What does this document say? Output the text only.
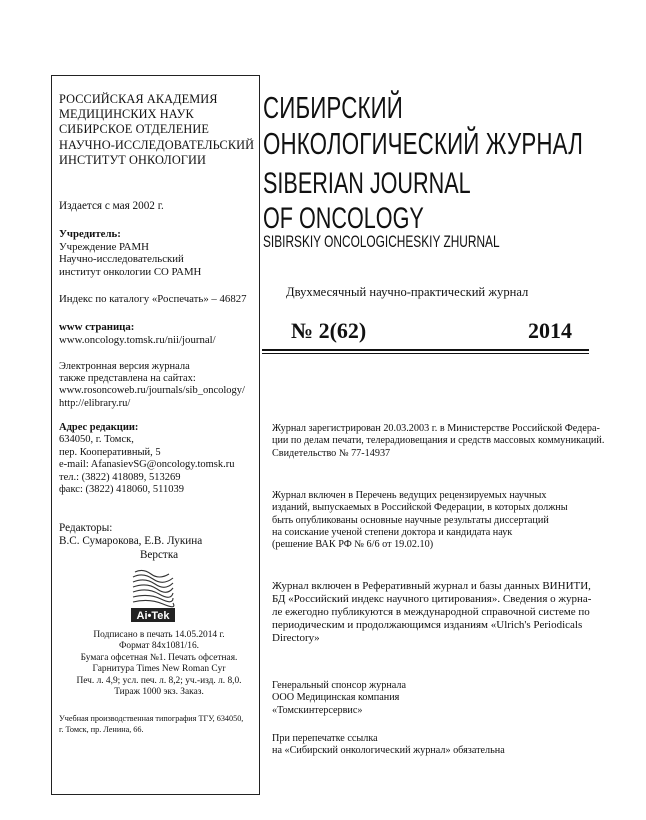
РОССИЙСКАЯ АКАДЕМИЯ
МЕДИЦИНСКИХ НАУК
СИБИРСКОЕ ОТДЕЛЕНИЕ
НАУЧНО-ИССЛЕДОВАТЕЛЬСКИЙ
ИНСТИТУТ ОНКОЛОГИИ
Издается с мая 2002 г.
Учредитель:
Учреждение РАМН
Научно-исследовательский
институт онкологии СО РАМН
Индекс по каталогу «Роспечать» – 46827
www страница:
www.oncology.tomsk.ru/nii/journal/
Электронная версия журнала
также представлена на сайтах:
www.rosoncoweb.ru/journals/sib_oncology/
http://elibrary.ru/
Адрес редакции:
634050, г. Томск,
пер. Кооперативный, 5
e-mail: AfanasievSG@oncology.tomsk.ru
тел.: (3822) 418089, 513269
факс: (3822) 418060, 511039
Редакторы:
В.С. Сумарокова, Е.В. Лукина
Верстка
Ai•Tek
Подписано в печать 14.05.2014 г.
Формат 84х1081/16.
Бумага офсетная №1. Печать офсетная.
Гарнитура Times New Roman Cyr
Печ. л. 4,9; усл. печ. л. 8,2; уч.-изд. л. 8,0.
Тираж 1000 экз. Заказ.
Учебная производственная типография ТГУ, 634050,
г. Томск, пр. Ленина, 66.
СИБИРСКИЙ
ОНКОЛОГИЧЕСКИЙ ЖУРНАЛ
SIBERIAN JOURNAL
OF ONCOLOGY
SIBIRSKIY ONCOLOGICHESKIY ZHURNAL
Двухмесячный научно-практический журнал
№ 2(62)	2014
Журнал зарегистрирован 20.03.2003 г. в Министерстве Российской Федера-
ции по делам печати, телерадиовещания и средств массовых коммуникаций.
Свидетельство № 77-14937
Журнал включен в Перечень ведущих рецензируемых научных
изданий, выпускаемых в Российской Федерации, в которых должны
быть опубликованы основные научные результаты диссертаций
на соискание ученой степени доктора и кандидата наук
(решение ВАК РФ № 6/6 от 19.02.10)
Журнал включен в Реферативный журнал и базы данных ВИНИТИ,
БД «Российский индекс научного цитирования». Сведения о журна-
ле ежегодно публикуются в международной справочной системе по
периодическим и продолжающимся изданиям «Ulrich's Periodicals
Directory»
Генеральный спонсор журнала
ООО Медицинская компания
«Томскинтерсервис»
При перепечатке ссылка
на «Сибирский онкологический журнал» обязательна
